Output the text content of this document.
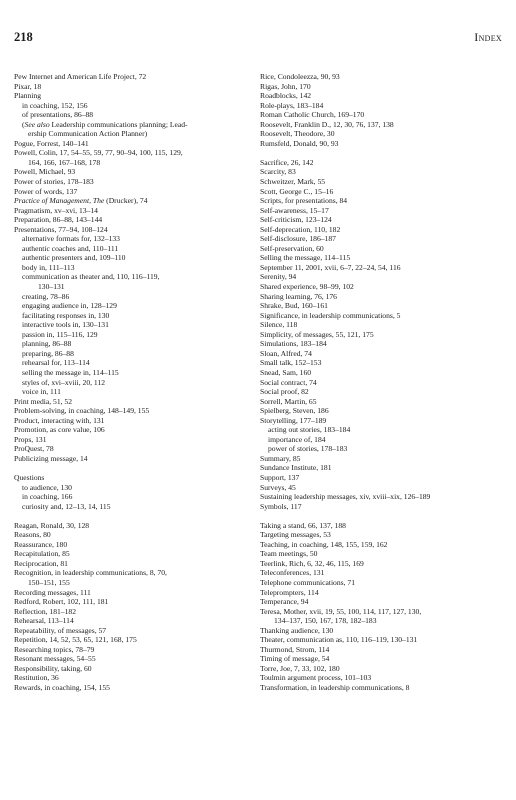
218	Index
Pew Internet and American Life Project, 72
Pixar, 18
Planning
in coaching, 152, 156
of presentations, 86–88
(See also Leadership communications planning; Lead-
ership Communication Action Planner)
Pogue, Forrest, 140–141
Powell, Colin, 17, 54–55, 59, 77, 90–94, 100, 115, 129,
164, 166, 167–168, 178
Powell, Michael, 93
Power of stories, 178–183
Power of words, 137
Practice of Management, The (Drucker), 74
Pragmatism, xv–xvi, 13–14
Preparation, 86–88, 143–144
Presentations, 77–94, 108–124
alternative formats for, 132–133
authentic coaches and, 110–111
authentic presenters and, 109–110
body in, 111–113
communication as theater and, 110, 116–119,
130–131
creating, 78–86
engaging audience in, 128–129
facilitating responses in, 130
interactive tools in, 130–131
passion in, 115–116, 129
planning, 86–88
preparing, 86–88
rehearsal for, 113–114
selling the message in, 114–115
styles of, xvi–xviii, 20, 112
voice in, 111
Print media, 51, 52
Problem-solving, in coaching, 148–149, 155
Product, interacting with, 131
Promotion, as core value, 106
Props, 131
ProQuest, 78
Publicizing message, 14
Questions
to audience, 130
in coaching, 166
curiosity and, 12–13, 14, 115
Reagan, Ronald, 30, 128
Reasons, 80
Reassurance, 180
Recapitulation, 85
Reciprocation, 81
Recognition, in leadership communications, 8, 70,
150–151, 155
Recording messages, 111
Redford, Robert, 102, 111, 181
Reflection, 181–182
Rehearsal, 113–114
Repeatability, of messages, 57
Repetition, 14, 52, 53, 65, 121, 168, 175
Researching topics, 78–79
Resonant messages, 54–55
Responsibility, taking, 60
Restitution, 36
Rewards, in coaching, 154, 155
Rice, Condoleezza, 90, 93
Rigas, John, 170
Roadblocks, 142
Role-plays, 183–184
Roman Catholic Church, 169–170
Roosevelt, Franklin D., 12, 30, 76, 137, 138
Roosevelt, Theodore, 30
Rumsfeld, Donald, 90, 93
Sacrifice, 26, 142
Scarcity, 83
Schweitzer, Mark, 55
Scott, George C., 15–16
Scripts, for presentations, 84
Self-awareness, 15–17
Self-criticism, 123–124
Self-deprecation, 110, 182
Self-disclosure, 186–187
Self-preservation, 60
Selling the message, 114–115
September 11, 2001, xvii, 6–7, 22–24, 54, 116
Serenity, 94
Shared experience, 98–99, 102
Sharing learning, 76, 176
Shrake, Bud, 160–161
Significance, in leadership communications, 5
Silence, 118
Simplicity, of messages, 55, 121, 175
Simulations, 183–184
Sloan, Alfred, 74
Small talk, 152–153
Snead, Sam, 160
Social contract, 74
Social proof, 82
Sorrell, Martin, 65
Spielberg, Steven, 186
Storytelling, 177–189
acting out stories, 183–184
importance of, 184
power of stories, 178–183
Summary, 85
Sundance Institute, 181
Support, 137
Surveys, 45
Sustaining leadership messages, xiv, xviii–xix, 126–189
Symbols, 117
Taking a stand, 66, 137, 188
Targeting messages, 53
Teaching, in coaching, 148, 155, 159, 162
Team meetings, 50
Teerlink, Rich, 6, 32, 46, 115, 169
Teleconferences, 131
Telephone communications, 71
Teleprompters, 114
Temperance, 94
Teresa, Mother, xvii, 19, 55, 100, 114, 117, 127, 130,
134–137, 150, 167, 178, 182–183
Thanking audience, 130
Theater, communication as, 110, 116–119, 130–131
Thurmond, Strom, 114
Timing of message, 54
Torre, Joe, 7, 33, 102, 180
Toulmin argument process, 101–103
Transformation, in leadership communications, 8
